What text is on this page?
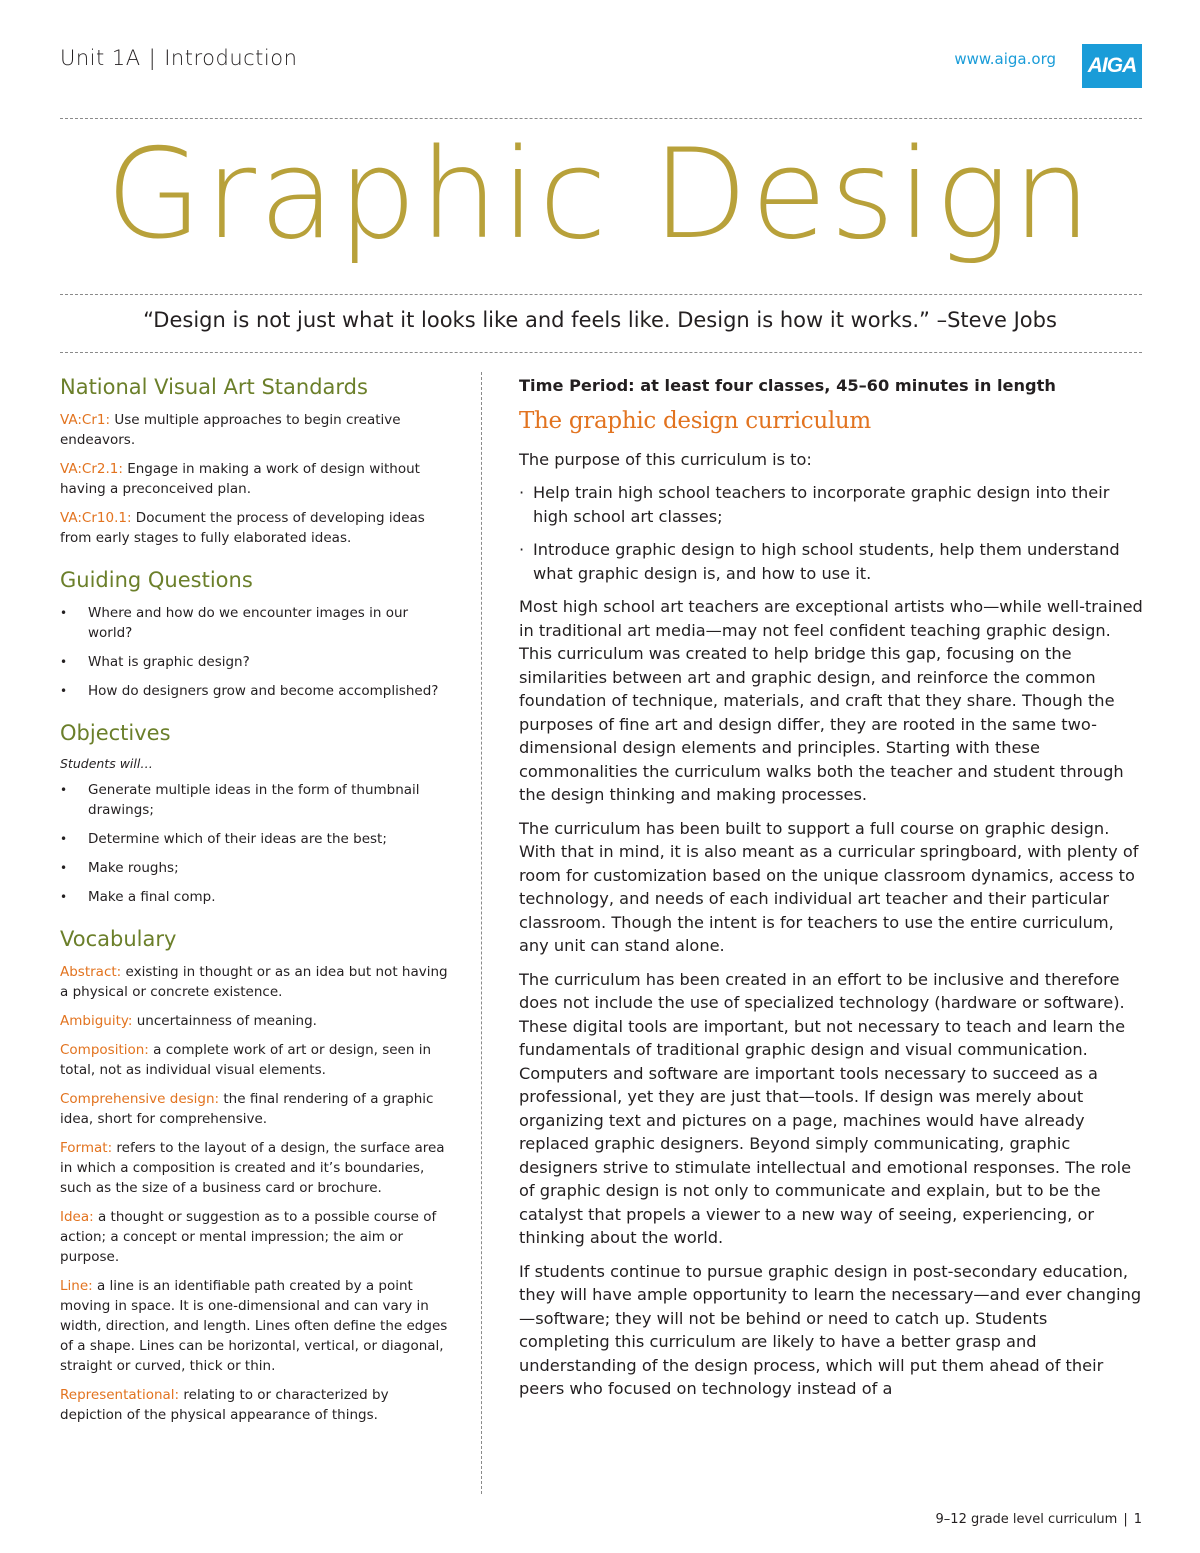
Unit 1A | Introduction	www.aiga.org AIGA
Graphic Design
“Design is not just what it looks like and feels like. Design is how it works.” –Steve Jobs
National Visual Art Standards

VA:Cr1: Use multiple approaches to begin creative endeavors.

VA:Cr2.1: Engage in making a work of design without having a preconceived plan.

VA:Cr10.1: Document the process of developing ideas from early stages to fully elaborated ideas.

Guiding Questions
• Where and how do we encounter images in our world?
• What is graphic design?
• How do designers grow and become accomplished?
Objectives

Students will…

• Generate multiple ideas in the form of thumbnail drawings;
• Determine which of their ideas are the best;
• Make roughs;
• Make a final comp.
Vocabulary

Abstract: existing in thought or as an idea but not having a physical or concrete existence.

Ambiguity: uncertainness of meaning.

Composition: a complete work of art or design, seen in total, not as individual visual elements.

Comprehensive design: the final rendering of a graphic idea, short for comprehensive.

Format: refers to the layout of a design, the surface area in which a composition is created and it’s boundaries, such as the size of a business card or brochure.

Idea: a thought or suggestion as to a possible course of action; a concept or mental impression; the aim or purpose.

Line: a line is an identifiable path created by a point moving in space. It is one-dimensional and can vary in width, direction, and length. Lines often define the edges of a shape. Lines can be horizontal, vertical, or diagonal, straight or curved, thick or thin.

Representational: relating to or characterized by depiction of the physical appearance of things.

Time Period: at least four classes, 45–60 minutes in length

The graphic design curriculum

The purpose of this curriculum is to:

· Help train high school teachers to incorporate graphic design into their high school art classes;
· Introduce graphic design to high school students, help them understand what graphic design is, and how to use it.

Most high school art teachers are exceptional artists who—while well-trained in traditional art media—may not feel confident teaching graphic design. This curriculum was created to help bridge this gap, focusing on the similarities between art and graphic design, and reinforce the common foundation of technique, materials, and craft that they share. Though the purposes of fine art and design differ, they are rooted in the same two-dimensional design elements and principles. Starting with these commonalities the curriculum walks both the teacher and student through the design thinking and making processes.

The curriculum has been built to support a full course on graphic design. With that in mind, it is also meant as a curricular springboard, with plenty of room for customization based on the unique classroom dynamics, access to technology, and needs of each individual art teacher and their particular classroom. Though the intent is for teachers to use the entire curriculum, any unit can stand alone.

The curriculum has been created in an effort to be inclusive and therefore does not include the use of specialized technology (hardware or software). These digital tools are important, but not necessary to teach and learn the fundamentals of traditional graphic design and visual communication. Computers and software are important tools necessary to succeed as a professional, yet they are just that—tools. If design was merely about organizing text and pictures on a page, machines would have already replaced graphic designers. Beyond simply communicating, graphic designers strive to stimulate intellectual and emotional responses. The role of graphic design is not only to communicate and explain, but to be the catalyst that propels a viewer to a new way of seeing, experiencing, or thinking about the world.

If students continue to pursue graphic design in post-secondary education, they will have ample opportunity to learn the necessary—and ever changing—software; they will not be behind or need to catch up. Students completing this curriculum are likely to have a better grasp and understanding of the design process, which will put them ahead of their peers who focused on technology instead of a

9–12 grade level curriculum | 1
